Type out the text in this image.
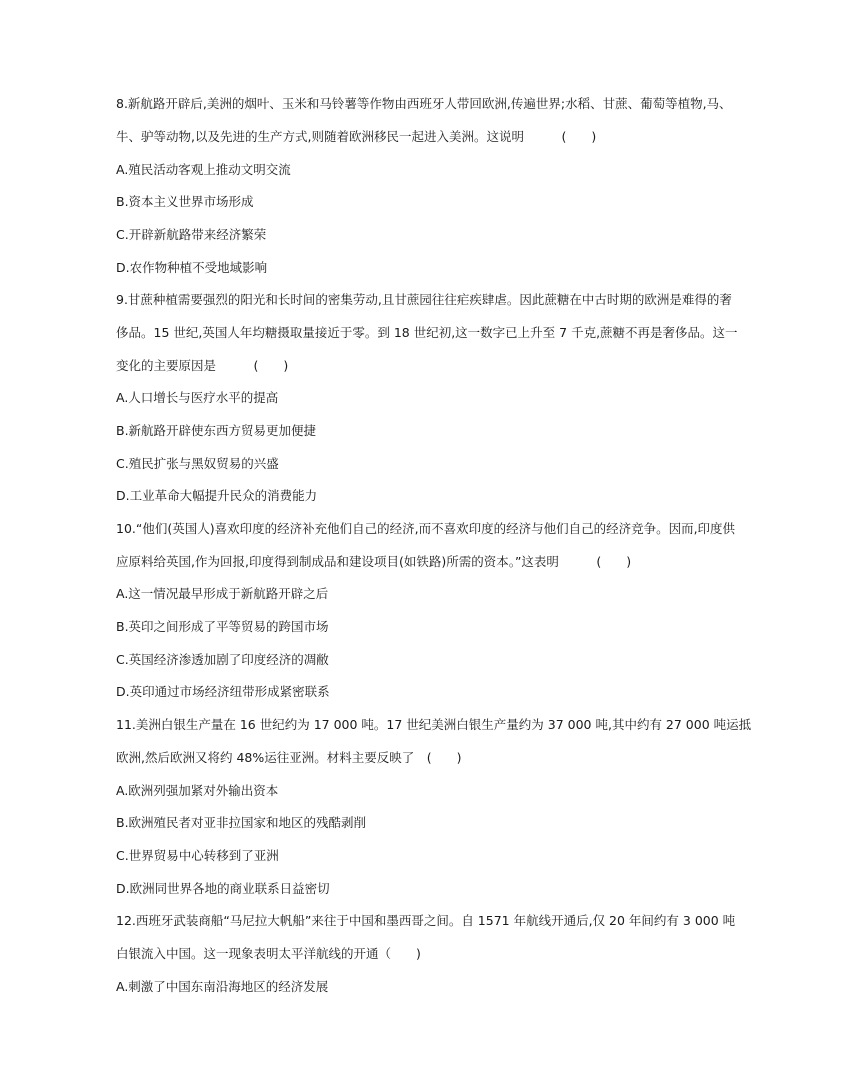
8.新航路开辟后,美洲的烟叶、玉米和马铃薯等作物由西班牙人带回欧洲,传遍世界;水稻、甘蔗、葡萄等植物,马、
牛、驴等动物,以及先进的生产方式,则随着欧洲移民一起进入美洲。这说明　　　(　　)
A.殖民活动客观上推动文明交流
B.资本主义世界市场形成
C.开辟新航路带来经济繁荣
D.农作物种植不受地域影响
9.甘蔗种植需要强烈的阳光和长时间的密集劳动,且甘蔗园往往疟疾肆虐。因此蔗糖在中古时期的欧洲是难得的奢
侈品。15 世纪,英国人年均糖摄取量接近于零。到 18 世纪初,这一数字已上升至 7 千克,蔗糖不再是奢侈品。这一
变化的主要原因是　　　(　　)
A.人口增长与医疗水平的提高
B.新航路开辟使东西方贸易更加便捷
C.殖民扩张与黑奴贸易的兴盛
D.工业革命大幅提升民众的消费能力
10.“他们(英国人)喜欢印度的经济补充他们自己的经济,而不喜欢印度的经济与他们自己的经济竞争。因而,印度供
应原料给英国,作为回报,印度得到制成品和建设项目(如铁路)所需的资本。”这表明　　　(　　)
A.这一情况最早形成于新航路开辟之后
B.英印之间形成了平等贸易的跨国市场
C.英国经济渗透加剧了印度经济的凋敝
D.英印通过市场经济纽带形成紧密联系
11.美洲白银生产量在 16 世纪约为 17 000 吨。17 世纪美洲白银生产量约为 37 000 吨,其中约有 27 000 吨运抵
欧洲,然后欧洲又将约 48%运往亚洲。材料主要反映了　(　　)
A.欧洲列强加紧对外输出资本
B.欧洲殖民者对亚非拉国家和地区的残酷剥削
C.世界贸易中心转移到了亚洲
D.欧洲同世界各地的商业联系日益密切
12.西班牙武装商船“马尼拉大帆船”来往于中国和墨西哥之间。自 1571 年航线开通后,仅 20 年间约有 3 000 吨
白银流入中国。这一现象表明太平洋航线的开通（　　)
A.刺激了中国东南沿海地区的经济发展
